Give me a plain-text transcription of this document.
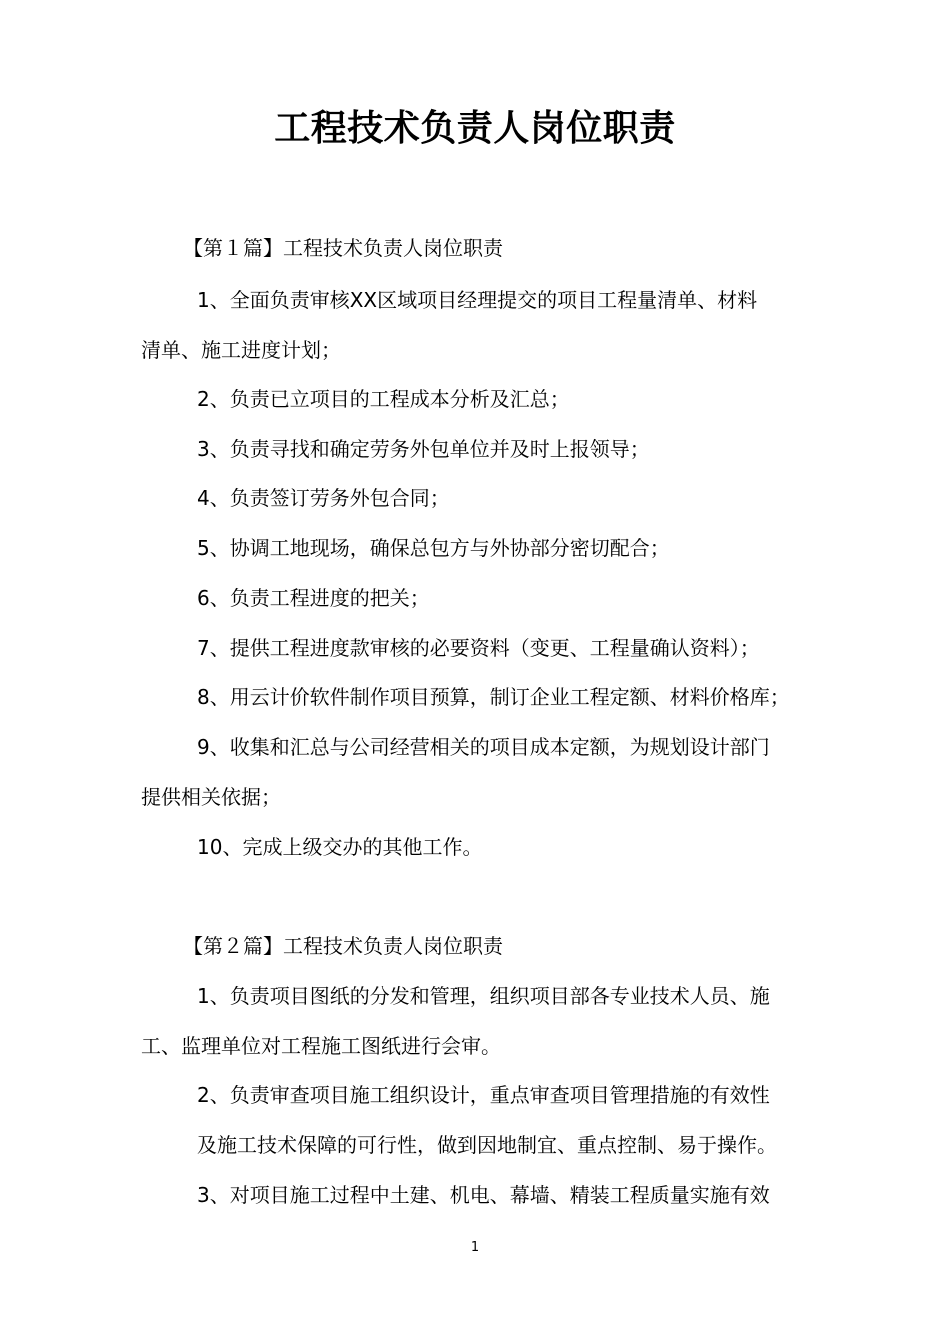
工程技术负责人岗位职责
【第１篇】工程技术负责人岗位职责
1、全面负责审核XX区域项目经理提交的项目工程量清单、材料
清单、施工进度计划；
2、负责已立项目的工程成本分析及汇总；
3、负责寻找和确定劳务外包单位并及时上报领导；
4、负责签订劳务外包合同；
5、协调工地现场，确保总包方与外协部分密切配合；
6、负责工程进度的把关；
7、提供工程进度款审核的必要资料（变更、工程量确认资料）；
8、用云计价软件制作项目预算，制订企业工程定额、材料价格库；
9、收集和汇总与公司经营相关的项目成本定额，为规划设计部门
提供相关依据；
10、完成上级交办的其他工作。
【第２篇】工程技术负责人岗位职责
1、负责项目图纸的分发和管理，组织项目部各专业技术人员、施
工、监理单位对工程施工图纸进行会审。
2、负责审查项目施工组织设计，重点审查项目管理措施的有效性
及施工技术保障的可行性，做到因地制宜、重点控制、易于操作。
3、对项目施工过程中土建、机电、幕墙、精装工程质量实施有效
1
